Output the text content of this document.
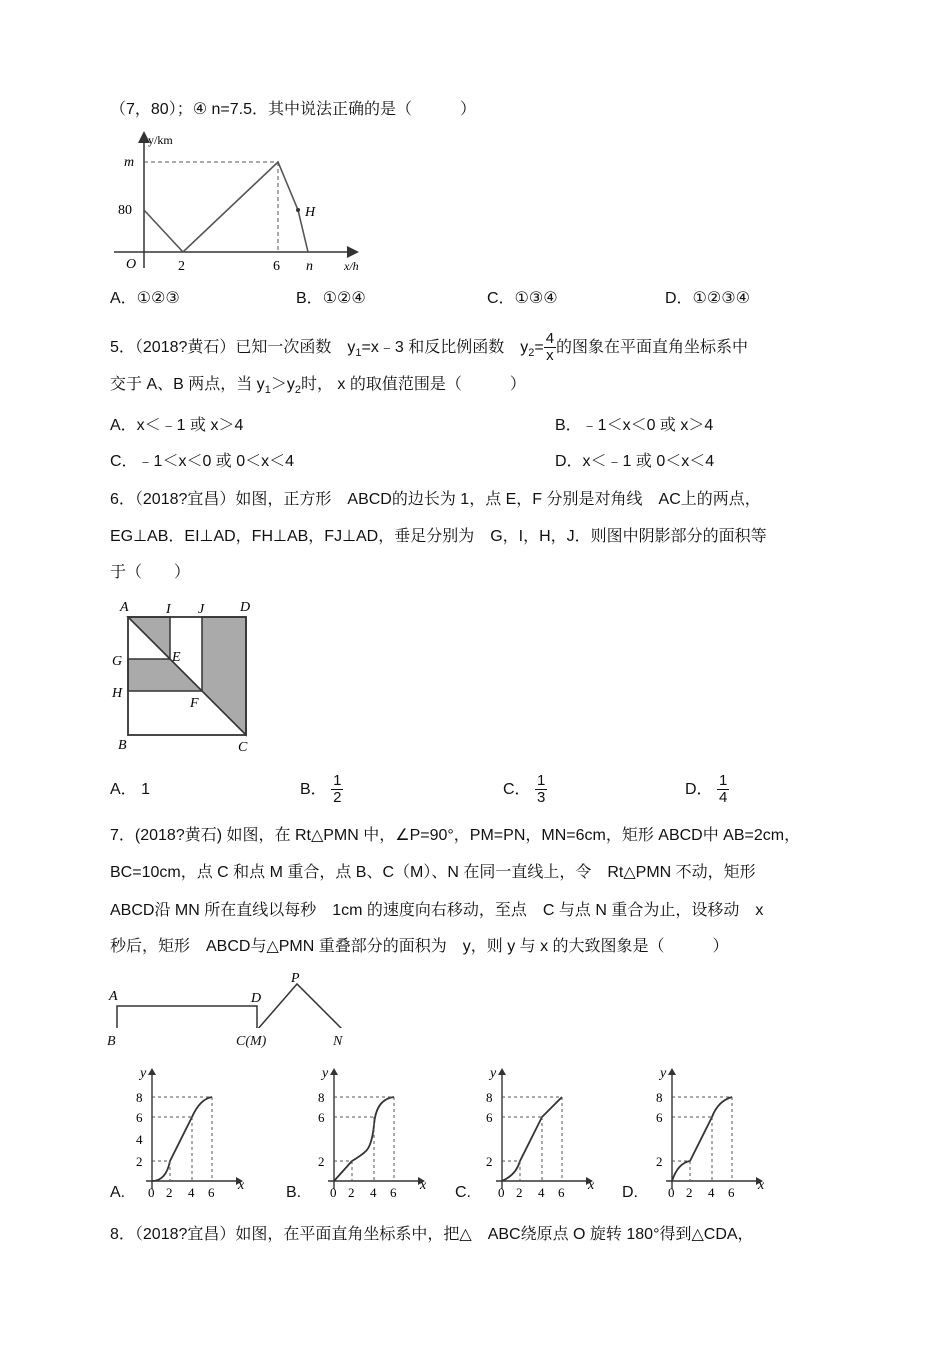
（7，80）；④ n=7.5．其中说法正确的是（　　　）
y/km
m
80
O	2	6 n
H
x/h
A．①②③	B．①②④	C．①③④	D．①②③④
5．（2018?黄石）已知一次函数　$y_1=x﹣3$ 和反比例函数　$y_2= \frac{4}{x}$ 的图象在平面直角坐标系中
交于 A、B 两点，当 $y_1>y_2$时， x 的取值范围是（　　　）
A．x＜﹣1 或 x＞4	B．﹣1＜x＜0 或 x＞4
C．﹣1＜x＜0 或 0＜x＜4	D．x＜﹣1 或 0＜x＜4
6．（2018?宜昌）如图，正方形　ABCD的边长为 1，点 E，F 分别是对角线　AC上的两点，
EG⊥AB．EI⊥AD，FH⊥AB，FJ⊥AD，垂足分别为　G，I，H，J．则图中阴影部分的面积等
于（　　）
A	I J	D
G	E
H
F
B	C
A． 1	B． $\frac{1}{2}$	C． $\frac{1}{3}$	D． $\frac{1}{4}$
7．(2018?黄石) 如图，在 Rt△PMN 中，∠P=90°，PM=PN，MN=6cm，矩形 ABCD中 AB=2cm，
BC=10cm，点 C 和点 M 重合，点 B、C（M）、N 在同一直线上，令　Rt△PMN 不动，矩形
ABCD沿 MN 所在直线以每秒　1cm 的速度向右移动，至点　C 与点 N 重合为止，设移动　x
秒后，矩形　ABCD与△PMN 重叠部分的面积为　y，则 y 与 x 的大致图象是（　　　）
A	D
P
B	C(M)	N
y
x
8
6
4
2
0 2 4 6
y
x
8
6
2
0 2 4 6
y
x
8
6
2
0 2 4 6
y
x
8
6
2
0 2 4 6
A.	B.	C.	D.
8．（2018?宜昌）如图，在平面直角坐标系中，把△　ABC绕原点 O 旋转 180°得到△CDA，
